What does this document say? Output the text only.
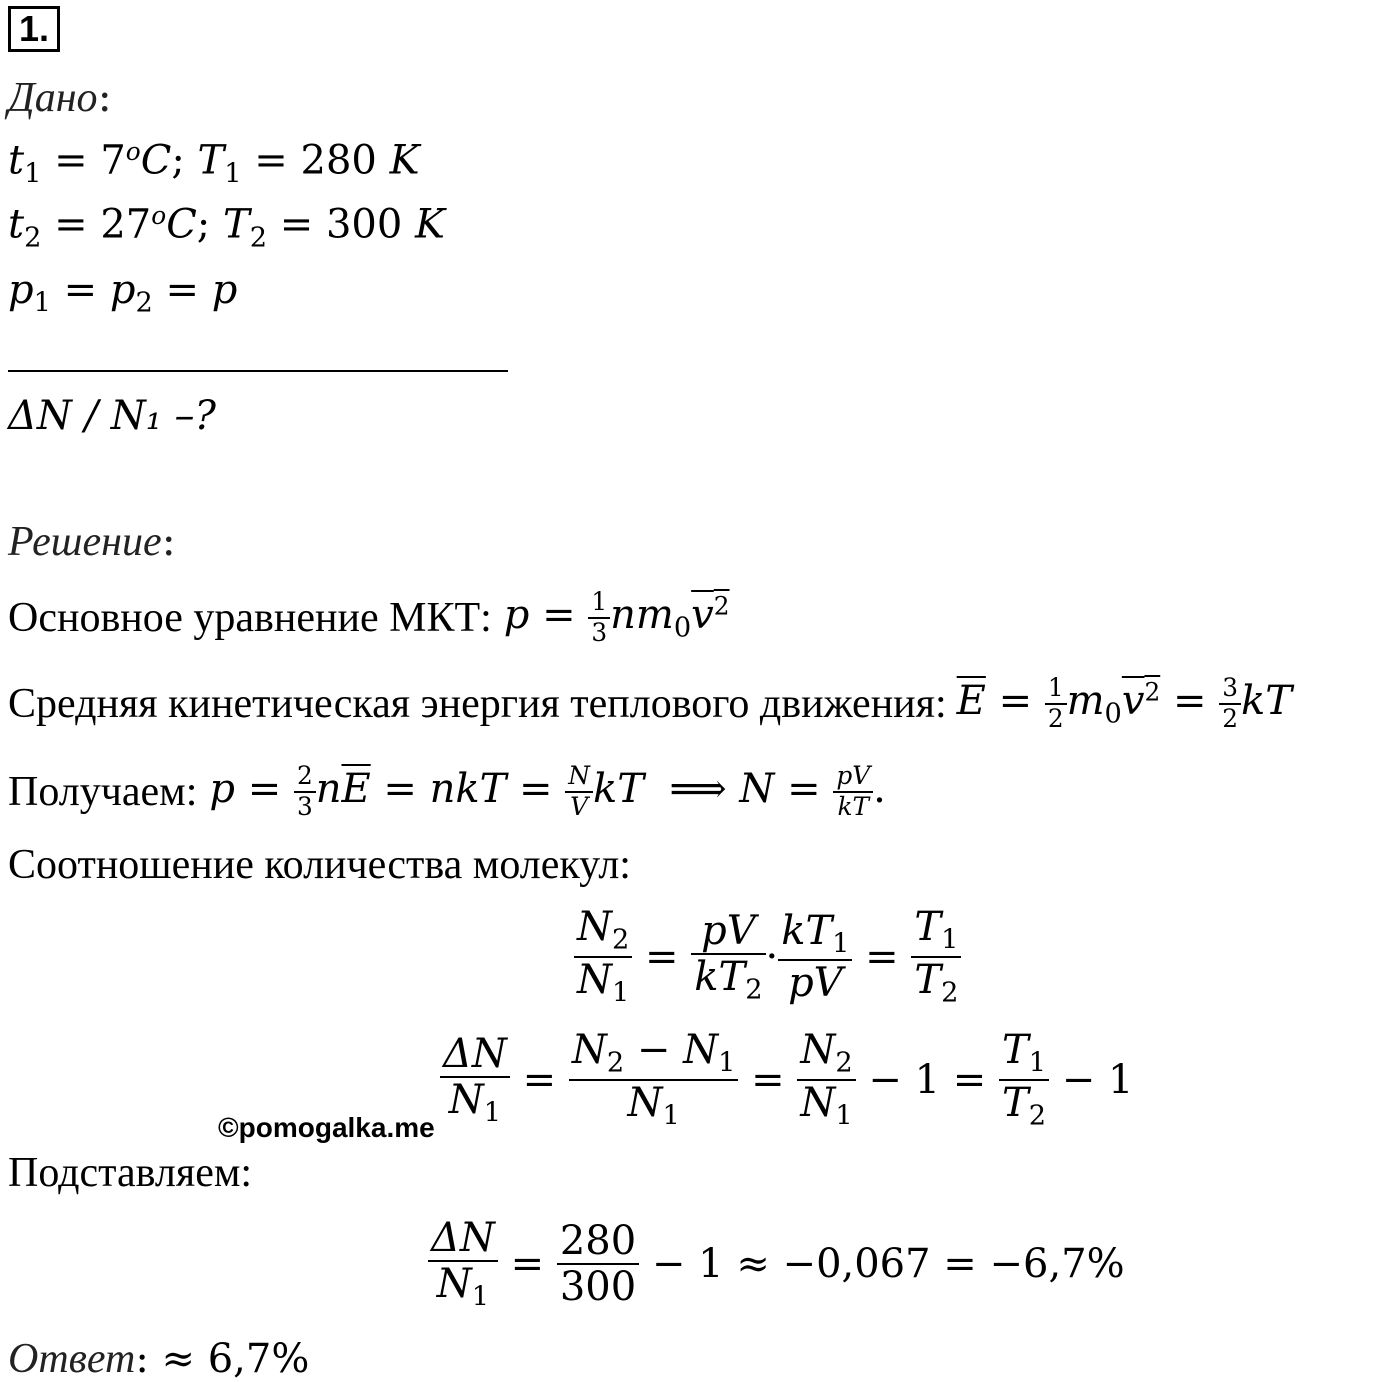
1.
Дано:
$t_1 = 7^oC$; $T_1 = 280$ K
$t_2 = 27^oC$; $T_2 = 300$ K
$p_1 = p_2 = p$
ΔN / N₁ –?
Решение:
Основное уравнение МКТ: $p = \frac{1}{3} nm_0v^2$
Средняя кинетическая энергия теплового движения: $\overline{E} = \frac{1}{2} m_0v^2 = \frac{3}{2}$ kT
Получаем: $p = \frac{2}{3} n\overline{E}$ = nkT = $\frac{N}{V}$ kT  ⟹ $N = \frac{pV}{kT}$ .
Соотношение количества молекул:
$\frac{N_2}{N_1} = \frac{pV}{kT_2} \cdot \frac{kT_1}{pV} = \frac{T_1}{T_2}$
$\frac{\Delta N}{N_1} = \frac{N_2 - N_1}{N_1} = \frac{N_2}{N_1} - 1 = \frac{T_1}{T_2} - 1$
©pomogalka.me
Подставляем:
$\frac{\Delta N}{N_1} = \frac{280}{300} - 1 \approx -0,067 = -6,7\%$
Ответ: ≈ 6,7%
